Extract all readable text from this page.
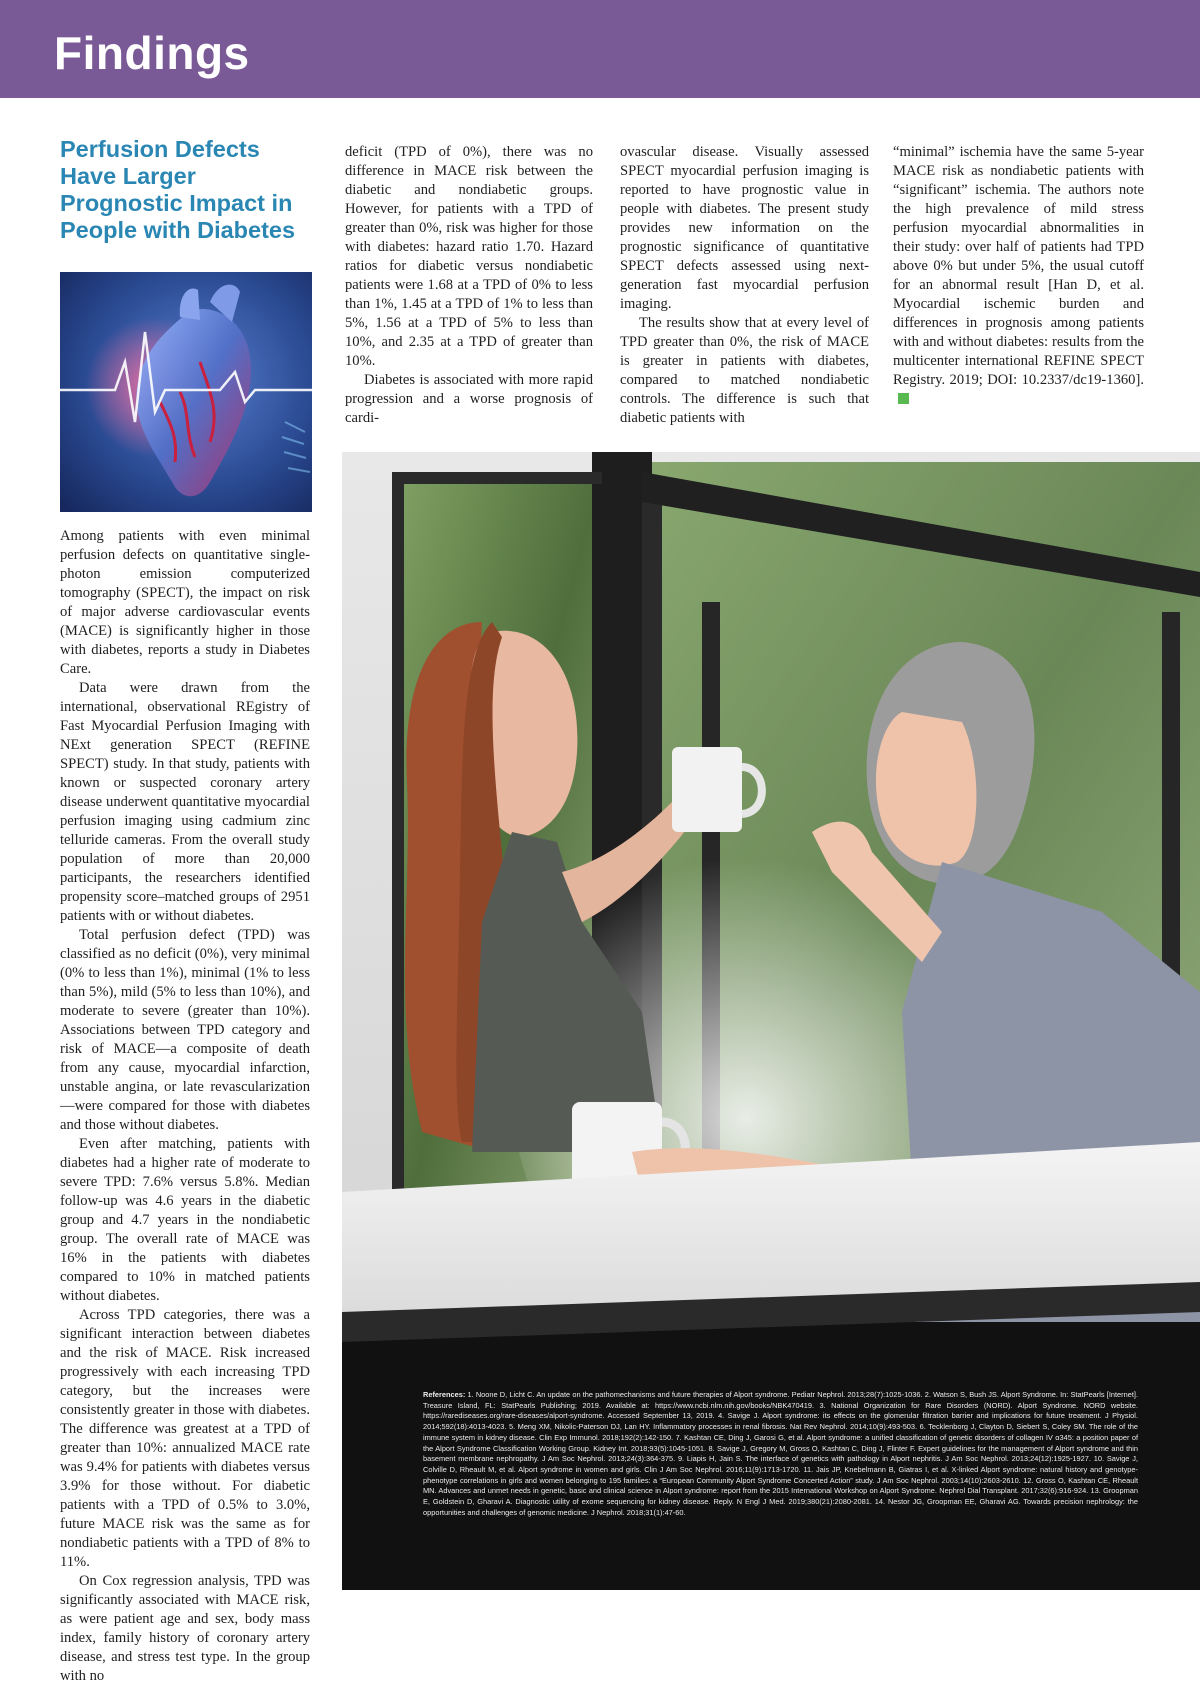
Findings
Perfusion Defects Have Larger Prognostic Impact in People with Diabetes

Among patients with even minimal perfusion defects on quantitative single-photon emission computerized tomography (SPECT), the impact on risk of major adverse cardiovascular events (MACE) is significantly higher in those with diabetes, reports a study in Diabetes Care.

Data were drawn from the international, observational REgistry of Fast Myocardial Perfusion Imaging with NExt generation SPECT (REFINE SPECT) study. In that study, patients with known or suspected coronary artery disease underwent quantitative myocardial perfusion imaging using cadmium zinc telluride cameras. From the overall study population of more than 20,000 participants, the researchers identified propensity score–matched groups of 2951 patients with or without diabetes.

Total perfusion defect (TPD) was classified as no deficit (0%), very minimal (0% to less than 1%), minimal (1% to less than 5%), mild (5% to less than 10%), and moderate to severe (greater than 10%). Associations between TPD category and risk of MACE—a composite of death from any cause, myocardial infarction, unstable angina, or late revascularization—were compared for those with diabetes and those without diabetes.

Even after matching, patients with diabetes had a higher rate of moderate to severe TPD: 7.6% versus 5.8%. Median follow-up was 4.6 years in the diabetic group and 4.7 years in the nondiabetic group. The overall rate of MACE was 16% in the patients with diabetes compared to 10% in matched patients without diabetes.

Across TPD categories, there was a significant interaction between diabetes and the risk of MACE. Risk increased progressively with each increasing TPD category, but the increases were consistently greater in those with diabetes. The difference was greatest at a TPD of greater than 10%: annualized MACE rate was 9.4% for patients with diabetes versus 3.9% for those without. For diabetic patients with a TPD of 0.5% to 3.0%, future MACE risk was the same as for nondiabetic patients with a TPD of 8% to 11%.

On Cox regression analysis, TPD was significantly associated with MACE risk, as were patient age and sex, body mass index, family history of coronary artery disease, and stress test type. In the group with no

deficit (TPD of 0%), there was no difference in MACE risk between the diabetic and nondiabetic groups. However, for patients with a TPD of greater than 0%, risk was higher for those with diabetes: hazard ratio 1.70. Hazard ratios for diabetic versus nondiabetic patients were 1.68 at a TPD of 0% to less than 1%, 1.45 at a TPD of 1% to less than 5%, 1.56 at a TPD of 5% to less than 10%, and 2.35 at a TPD of greater than 10%.

Diabetes is associated with more rapid progression and a worse prognosis of cardi-

ovascular disease. Visually assessed SPECT myocardial perfusion imaging is reported to have prognostic value in people with diabetes. The present study provides new information on the prognostic significance of quantitative SPECT defects assessed using next-generation fast myocardial perfusion imaging.

The results show that at every level of TPD greater than 0%, the risk of MACE is greater in patients with diabetes, compared to matched nondiabetic controls. The difference is such that diabetic patients with

“minimal” ischemia have the same 5-year MACE risk as nondiabetic patients with “significant” ischemia. The authors note the high prevalence of mild stress perfusion myocardial abnormalities in their study: over half of patients had TPD above 0% but under 5%, the usual cutoff for an abnormal result [Han D, et al. Myocardial ischemic burden and differences in prognosis among patients with and without diabetes: results from the multicenter international REFINE SPECT Registry. 2019; DOI: 10.2337/dc19-1360].

References: 1. Noone D, Licht C. An update on the pathomechanisms and future therapies of Alport syndrome. Pediatr Nephrol. 2013;28(7):1025-1036. 2. Watson S, Bush JS. Alport Syndrome. In: StatPearls [Internet]. Treasure Island, FL: StatPearls Publishing; 2019. Available at: https://www.ncbi.nlm.nih.gov/books/NBK470419. 3. National Organization for Rare Disorders (NORD). Alport Syndrome. NORD website. https://rarediseases.org/rare-diseases/alport-syndrome. Accessed September 13, 2019. 4. Savige J. Alport syndrome: its effects on the glomerular filtration barrier and implications for future treatment. J Physiol. 2014;592(18):4013-4023. 5. Meng XM, Nikolic-Paterson DJ, Lan HY. Inflammatory processes in renal fibrosis. Nat Rev Nephrol. 2014;10(9):493-503. 6. Tecklenborg J, Clayton D, Siebert S, Coley SM. The role of the immune system in kidney disease. Clin Exp Immunol. 2018;192(2):142-150. 7. Kashtan CE, Ding J, Garosi G, et al. Alport syndrome: a unified classification of genetic disorders of collagen IV α345: a position paper of the Alport Syndrome Classification Working Group. Kidney Int. 2018;93(5):1045-1051. 8. Savige J, Gregory M, Gross O, Kashtan C, Ding J, Flinter F. Expert guidelines for the management of Alport syndrome and thin basement membrane nephropathy. J Am Soc Nephrol. 2013;24(3):364-375. 9. Liapis H, Jain S. The interface of genetics with pathology in Alport nephritis. J Am Soc Nephrol. 2013;24(12):1925-1927. 10. Savige J, Colville D, Rheault M, et al. Alport syndrome in women and girls. Clin J Am Soc Nephrol. 2016;11(9):1713-1720. 11. Jais JP, Knebelmann B, Giatras I, et al. X-linked Alport syndrome: natural history and genotype-phenotype correlations in girls and women belonging to 195 families: a “European Community Alport Syndrome Concerted Action” study. J Am Soc Nephrol. 2003;14(10):2603-2610. 12. Gross O, Kashtan CE, Rheault MN. Advances and unmet needs in genetic, basic and clinical science in Alport syndrome: report from the 2015 International Workshop on Alport Syndrome. Nephrol Dial Transplant. 2017;32(6):916-924. 13. Groopman E, Goldstein D, Gharavi A. Diagnostic utility of exome sequencing for kidney disease. Reply. N Engl J Med. 2019;380(21):2080-2081. 14. Nestor JG, Groopman EE, Gharavi AG. Towards precision nephrology: the opportunities and challenges of genomic medicine. J Nephrol. 2018;31(1):47-60.
